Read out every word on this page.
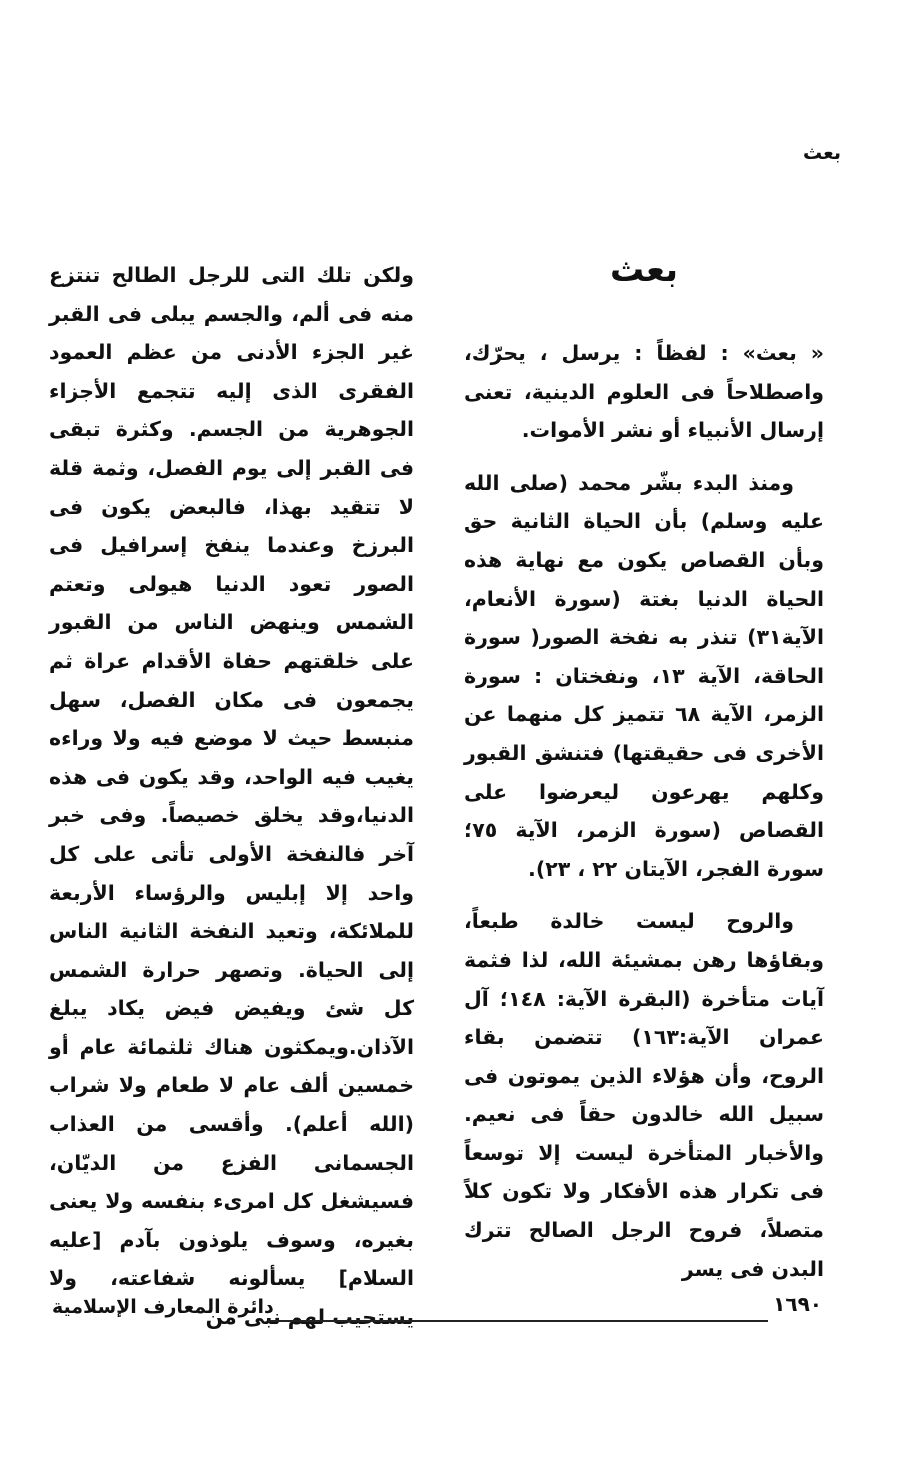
بعث
بعث

« بعث» : لفظاً : يرسل ، يحرّك، واصطلاحاً فى العلوم الدينية، تعنى إرسال الأنبياء أو نشر الأموات.

ومنذ البدء بشّر محمد (صلى الله عليه وسلم) بأن الحياة الثانية حق وبأن القصاص يكون مع نهاية هذه الحياة الدنيا بغتة (سورة الأنعام، الآية٣١) تنذر به نفخة الصور( سورة الحاقة، الآية ١٣، ونفختان : سورة الزمر، الآية ٦٨ تتميز كل منهما عن الأخرى فى حقيقتها) فتنشق القبور وكلهم يهرعون ليعرضوا على القصاص (سورة الزمر، الآية ٧٥؛ سورة الفجر، الآيتان ٢٢ ، ٢٣).

والروح ليست خالدة طبعاً، وبقاؤها رهن بمشيئة الله، لذا فثمة آيات متأخرة (البقرة الآية: ١٤٨؛ آل عمران الآية:١٦٣) تتضمن بقاء الروح، وأن هؤلاء الذين يموتون فى سبيل الله خالدون حقاً فى نعيم. والأخبار المتأخرة ليست إلا توسعاً فى تكرار هذه الأفكار ولا تكون كلاً متصلاً، فروح الرجل الصالح تترك البدن فى يسر

ولكن تلك التى للرجل الطالح تنتزع منه فى ألم، والجسم يبلى فى القبر غير الجزء الأدنى من عظم العمود الفقرى الذى إليه تتجمع الأجزاء الجوهرية من الجسم. وكثرة تبقى فى القبر إلى يوم الفصل، وثمة قلة لا تتقيد بهذا، فالبعض يكون فى البرزخ وعندما ينفخ إسرافيل فى الصور تعود الدنيا هيولى وتعتم الشمس وينهض الناس من القبور على خلقتهم حفاة الأقدام عراة ثم يجمعون فى مكان الفصل، سهل منبسط حيث لا موضع فيه ولا وراءه يغيب فيه الواحد، وقد يكون فى هذه الدنيا،وقد يخلق خصيصاً. وفى خبر آخر فالنفخة الأولى تأتى على كل واحد إلا إبليس والرؤساء الأربعة للملائكة، وتعيد النفخة الثانية الناس إلى الحياة. وتصهر حرارة الشمس كل شئ ويفيض فيض يكاد يبلغ الآذان.ويمكثون هناك ثلثمائة عام أو خمسين ألف عام لا طعام ولا شراب (الله أعلم). وأقسى من العذاب الجسمانى الفزع من الديّان، فسيشغل كل امرىء بنفسه ولا يعنى بغيره، وسوف يلوذون بآدم [عليه السلام] يسألونه شفاعته، ولا يستجيب لهم نبى من

دائرة المعارف الإسلامية	١٦٩٠
